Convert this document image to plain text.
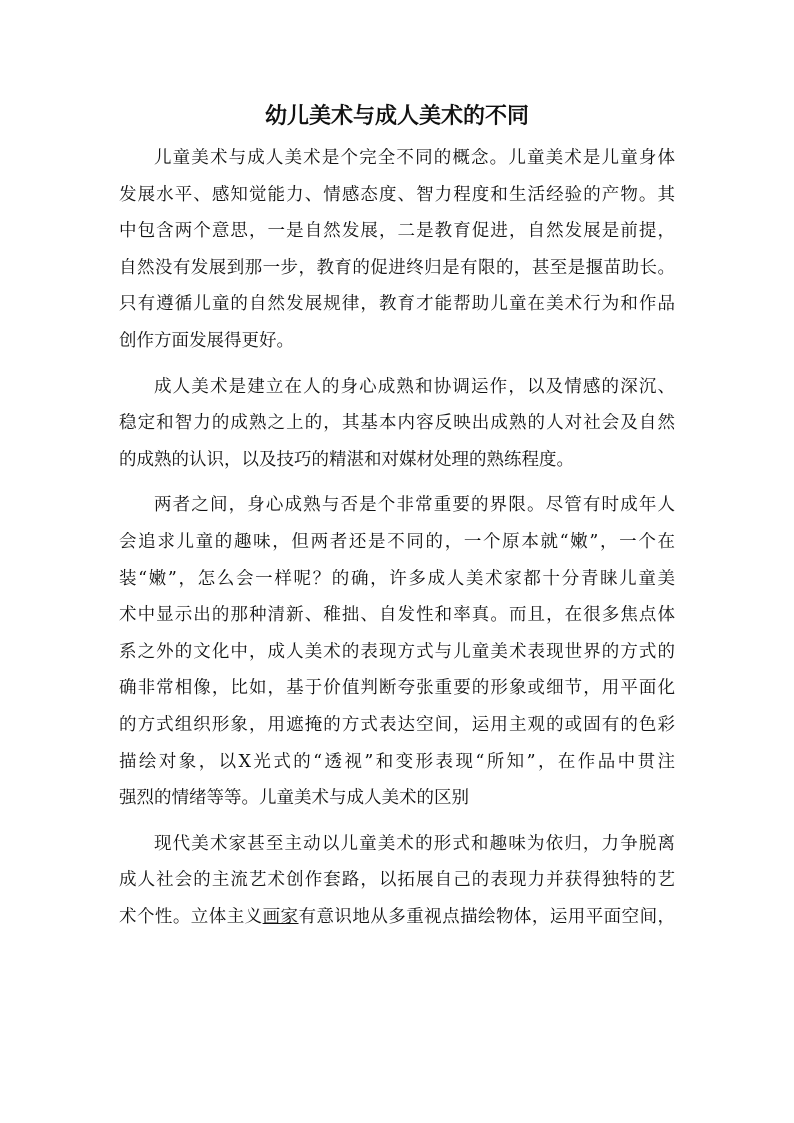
幼儿美术与成人美术的不同
儿童美术与成人美术是个完全不同的概念。儿童美术是儿童身体
发展水平、感知觉能力、情感态度、智力程度和生活经验的产物。其
中包含两个意思，一是自然发展，二是教育促进，自然发展是前提，
自然没有发展到那一步，教育的促进终归是有限的，甚至是揠苗助长。
只有遵循儿童的自然发展规律，教育才能帮助儿童在美术行为和作品
创作方面发展得更好。
成人美术是建立在人的身心成熟和协调运作，以及情感的深沉、
稳定和智力的成熟之上的，其基本内容反映出成熟的人对社会及自然
的成熟的认识，以及技巧的精湛和对媒材处理的熟练程度。
两者之间，身心成熟与否是个非常重要的界限。尽管有时成年人
会追求儿童的趣味，但两者还是不同的，一个原本就“嫩”，一个在
装“嫩”，怎么会一样呢？的确，许多成人美术家都十分青睐儿童美
术中显示出的那种清新、稚拙、自发性和率真。而且，在很多焦点体
系之外的文化中，成人美术的表现方式与儿童美术表现世界的方式的
确非常相像，比如，基于价值判断夸张重要的形象或细节，用平面化
的方式组织形象，用遮掩的方式表达空间，运用主观的或固有的色彩
描绘对象，以X光式的“透视”和变形表现“所知”，在作品中贯注
强烈的情绪等等。儿童美术与成人美术的区别
现代美术家甚至主动以儿童美术的形式和趣味为依归，力争脱离
成人社会的主流艺术创作套路，以拓展自己的表现力并获得独特的艺
术个性。立体主义画家有意识地从多重视点描绘物体，运用平面空间，
